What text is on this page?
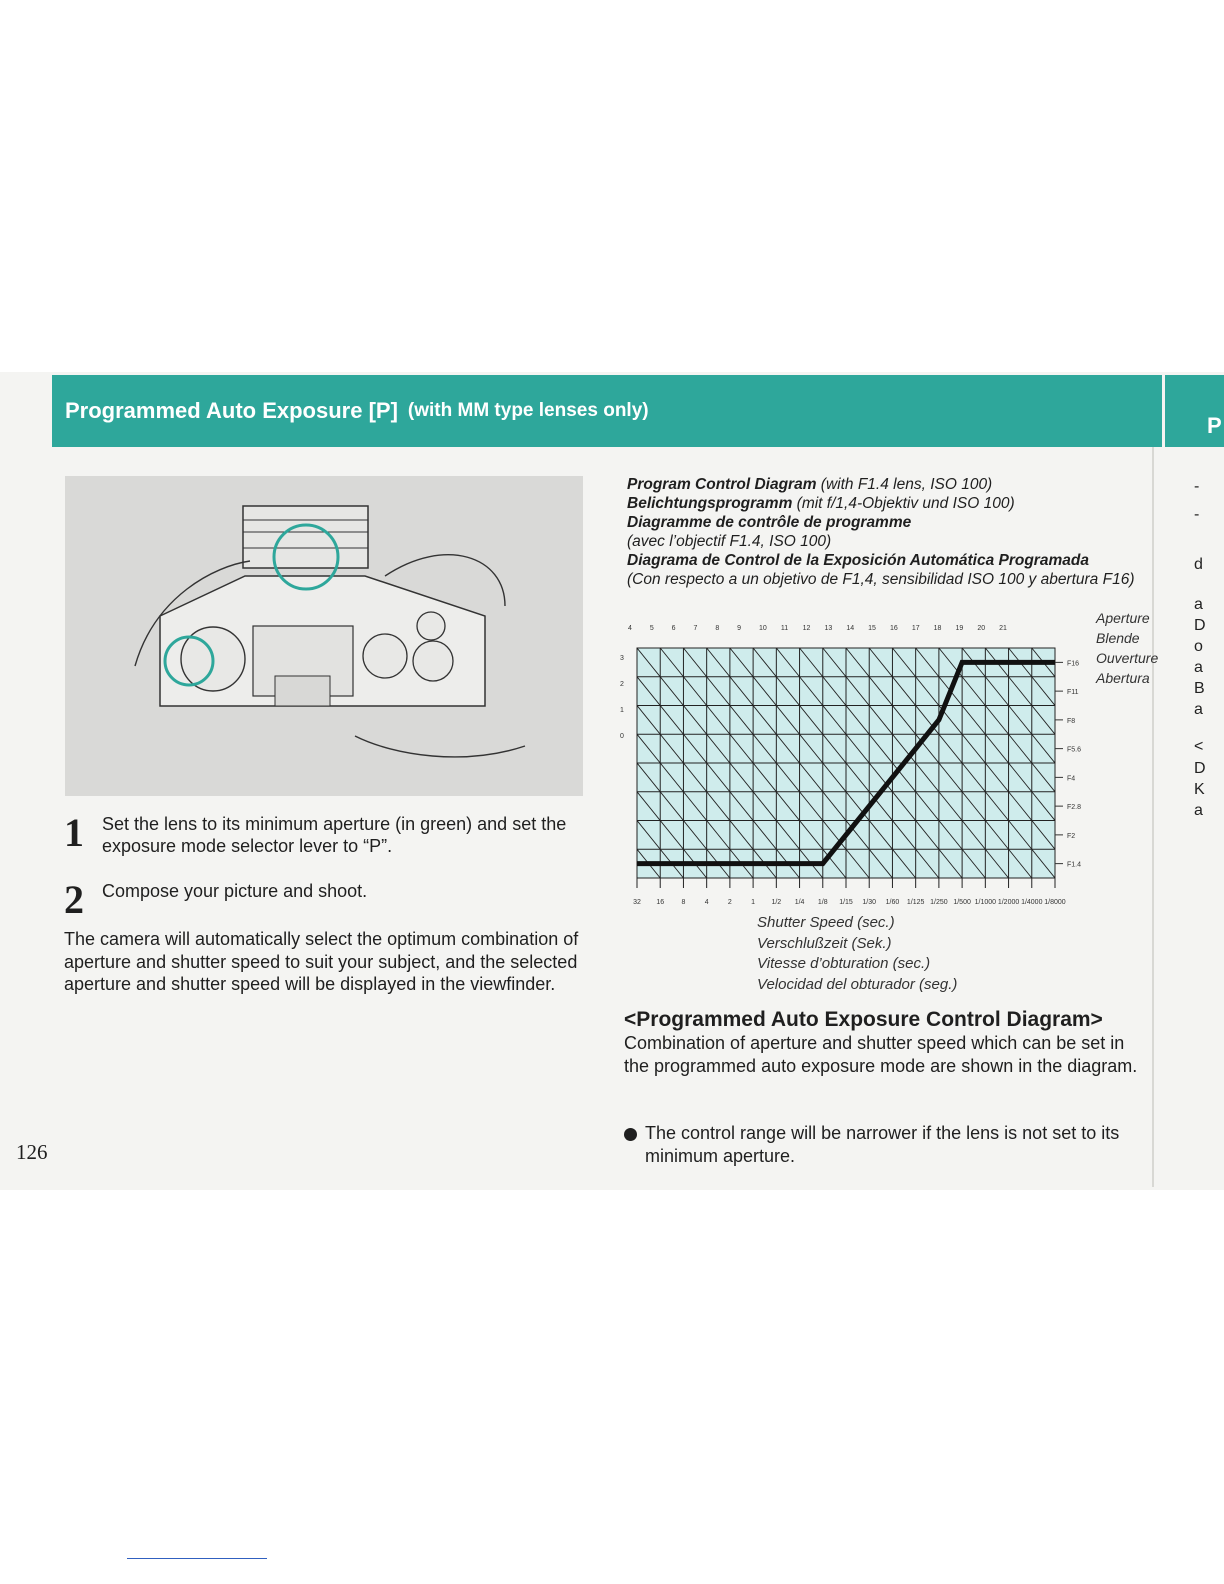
Programmed Auto Exposure [P] (with MM type lenses only)
P
1 Set the lens to its minimum aperture (in green) and set the exposure mode selector lever to “P”.
2 Compose your picture and shoot.
The camera will automatically select the optimum combination of aperture and shutter speed to suit your subject, and the selected aperture and shutter speed will be displayed in the viewfinder.
126
Program Control Diagram (with F1.4 lens, ISO 100)
Belichtungsprogramm (mit f/1,4-Objektiv und ISO 100)
Diagramme de contrôle de programme
(avec l’objectif F1.4, ISO 100)
Diagrama de Control de la Exposición Automática Programada
(Con respecto a un objetivo de F1,4, sensibilidad ISO 100 y abertura F16)
Aperture
Blende
Ouverture
Abertura
32 16 8	4	2	1 1/2 1/4 1/8 1/15 1/30 1/60 1/125 1/250 1/500 1/1000 1/2000 1/4000 1/8000
F16
F11
F8
F5.6
F4
F2.8
F2
F1.4
4	5	6	7	8	9	10 11 12 13 14 15 16 17 18 19 20 21
3
2
1
0
Shutter Speed (sec.)
Verschlußzeit (Sek.)
Vitesse d’obturation (sec.)
Velocidad del obturador (seg.)
<Programmed Auto Exposure Control Diagram>
Combination of aperture and shutter speed which can be set in the programmed auto exposure mode are shown in the diagram.
The control range will be narrower if the lens is not set to its minimum aperture.
-
-
d
a
D
o
a
B
a
<
D
K
a
